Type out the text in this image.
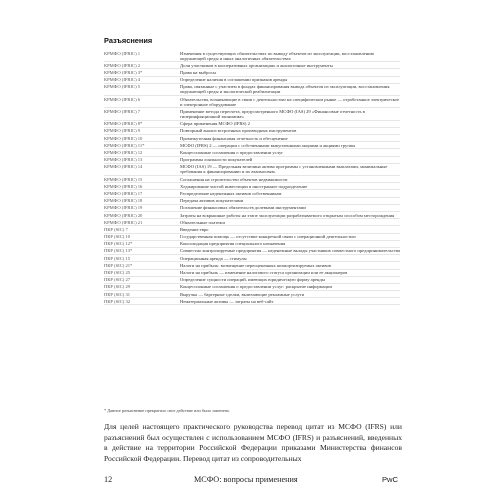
Разъяснения
КРМФО (IFRIC) 1	Изменения в существующих обязательствах по выводу объектов из эксплуатации, восстановлению окружающей среды и иных аналогичных обязательствах
КРМФО (IFRIC) 2	Доли участников в кооперативных организациях и аналогичные инструменты
КРМФО (IFRIC) 3*	Права на выбросы
КРМФО (IFRIC) 4	Определение наличия в соглашении признаков аренды
КРМФО (IFRIC) 5	Права, связанные с участием в фондах финансирования вывода объектов из эксплуатации, восстановления окружающей среды и экологической реабилитации
КРМФО (IFRIC) 6	Обязательства, возникающие в связи с деятельностью на специфическом рынке — отработанное электрическое и электронное оборудование
КРМФО (IFRIC) 7	Применение метода пересчета, предусмотренного МСФО (IAS) 29 «Финансовые отчетность в гиперинфляционной экономике»
КРМФО (IFRIC) 8*	Сфера применения МСФО (IFRS) 2
КРМФО (IFRIC) 9	Повторный анализ встроенных производных инструментов
КРМФО (IFRIC) 10	Промежуточная финансовая отчетность и обесценение
КРМФО (IFRIC) 11*	МСФО (IFRS) 2 — операции с собственными выкупленными акциями и акциями группы
КРМФО (IFRIC) 12	Концессионные соглашения о предоставлении услуг
КРМФО (IFRIC) 13	Программы лояльности покупателей
КРМФО (IFRIC) 14	МСФО (IAS) 19 — Предельная величина актива программы с установленными выплатами, минимальные требования к финансированию и их взаимосвязь
КРМФО (IFRIC) 15	Соглашения на строительство объектов недвижимости
КРМФО (IFRIC) 16	Хеджирование чистой инвестиции в иностранное подразделение
КРМФО (IFRIC) 17	Распределение неденежных активов собственникам
КРМФО (IFRIC) 18	Передача активов покупателями
КРМФО (IFRIC) 19	Погашение финансовых обязательств долевыми инструментами
КРМФО (IFRIC) 20	Затраты на вскрышные работы на этапе эксплуатации разрабатываемого открытым способом месторождения
КРМФО (IFRIC) 21	Обязательные платежи
ПКР (SIC) 7	Введение евро
ПКР (SIC) 10	Государственная помощь — отсутствие конкретной связи с операционной деятельностью
ПКР (SIC) 12*	Консолидация предприятия специального назначения
ПКР (SIC) 13*	Совместно контролируемые предприятия — неденежные вклады участников совместного предпринимательства
ПКР (SIC) 15	Операционная аренда — стимулы
ПКР (SIC) 21*	Налоги на прибыль: возмещение переоцененных неамортизируемых активов
ПКР (SIC) 25	Налоги на прибыль — изменение налогового статуса организации или ее акционеров
ПКР (SIC) 27	Определение сущности операций, имеющих юридическую форму аренды
ПКР (SIC) 29	Концессионные соглашения о предоставлении услуг: раскрытие информации
ПКР (SIC) 31	Выручка — бартерные сделки, включающие рекламные услуги
ПКР (SIC) 32	Нематериальные активы — затраты на веб-сайт
* Данное разъяснение прекратило свое действие или было заменено.
Для целей настоящего практического руководства перевод цитат из МСФО (IFRS) или разъяснений был осуществлен с использованием МСФО (IFRS) и разъяснений, введенных в действие на территории Российской Федерации приказами Министерства финансов Российской Федерации. Перевод цитат из сопроводительных
12	МСФО: вопросы применения	PwC
